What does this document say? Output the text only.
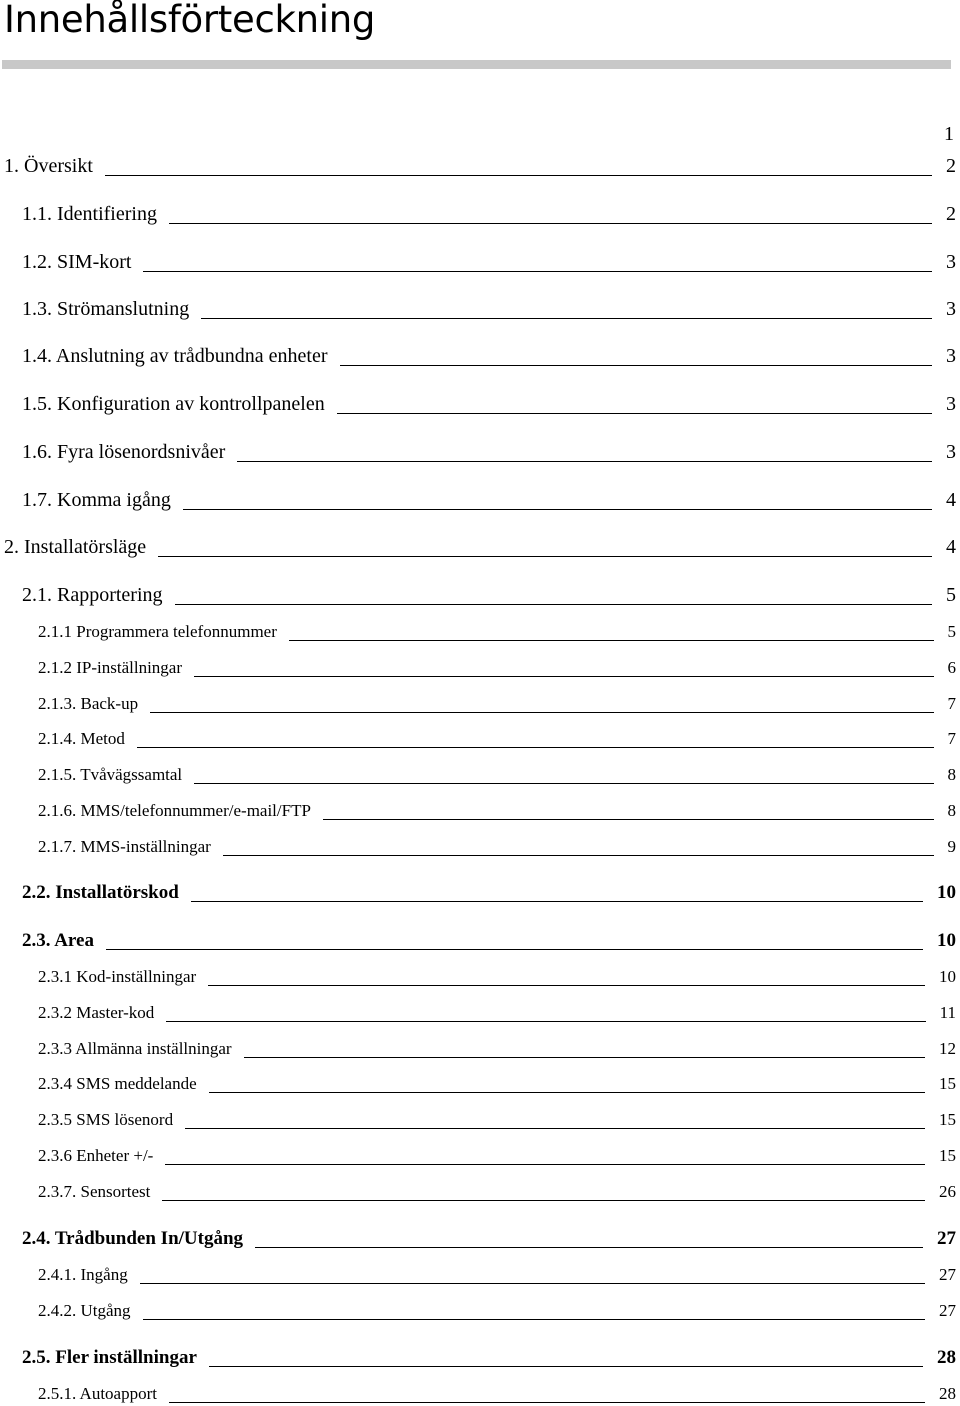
Innehållsförteckning
1
1. Översikt	2
1.1. Identifiering	2
1.2. SIM-kort	3
1.3. Strömanslutning	3
1.4. Anslutning av trådbundna enheter	3
1.5. Konfiguration av kontrollpanelen	3
1.6. Fyra lösenordsnivåer	3
1.7. Komma igång	4
2. Installatörsläge	4
2.1. Rapportering	5
2.1.1 Programmera telefonnummer	5
2.1.2 IP-inställningar	6
2.1.3. Back-up	7
2.1.4. Metod	7
2.1.5. Tvåvägssamtal	8
2.1.6. MMS/telefonnummer/e-mail/FTP	8
2.1.7. MMS-inställningar	9
2.2. Installatörskod	10
2.3. Area	10
2.3.1 Kod-inställningar	10
2.3.2 Master-kod	11
2.3.3 Allmänna inställningar	12
2.3.4 SMS meddelande	15
2.3.5 SMS lösenord	15
2.3.6 Enheter +/-	15
2.3.7. Sensortest	26
2.4. Trådbunden In/Utgång	27
2.4.1. Ingång	27
2.4.2. Utgång	27
2.5. Fler inställningar	28
2.5.1. Autoapport	28
